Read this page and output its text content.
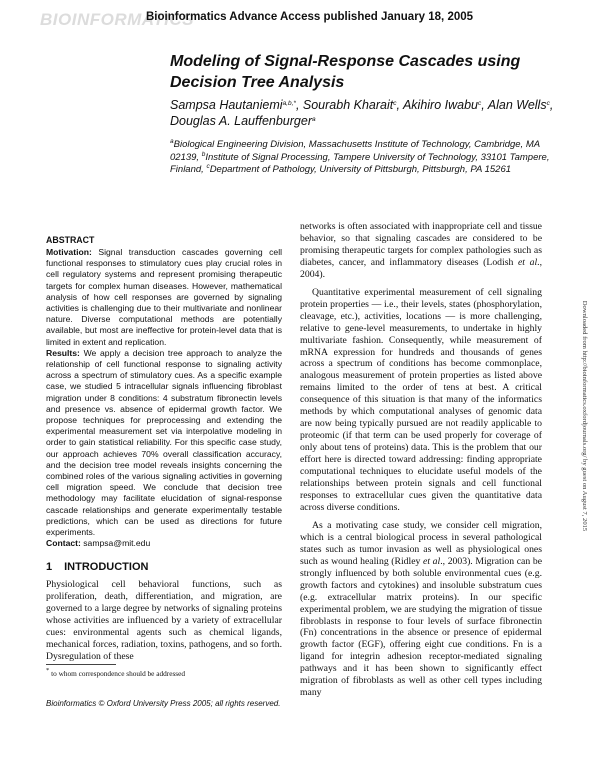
BIOINFORMATICS
Bioinformatics Advance Access published January 18, 2005
Modeling of Signal-Response Cascades using Decision Tree Analysis
Sampsa Hautaniemi$^{a,b,*}$, Sourabh Kharait$^c$, Akihiro Iwabu$^c$, Alan Wells$^c$, Douglas A. Lauffenburger$^a$
$^a$Biological Engineering Division, Massachusetts Institute of Technology, Cambridge, MA 02139, $^b$Institute of Signal Processing, Tampere University of Technology, 33101 Tampere, Finland, $^c$Department of Pathology, University of Pittsburgh, Pittsburgh, PA 15261

ABSTRACT

Motivation: Signal transduction cascades governing cell functional responses to stimulatory cues play crucial roles in cell regulatory systems and represent promising therapeutic targets for complex human diseases. However, mathematical analysis of how cell responses are governed by signaling activities is challenging due to their multivariate and nonlinear nature. Diverse computational methods are potentially available, but most are ineffective for protein-level data that is limited in extent and replication.

Results: We apply a decision tree approach to analyze the relationship of cell functional response to signaling activity across a spectrum of stimulatory cues. As a specific example case, we studied 5 intracellular signals influencing fibroblast migration under 8 conditions: 4 substratum fibronectin levels and presence vs. absence of epidermal growth factor. We propose techniques for preprocessing and extending the experimental measurement set via interpolative modeling in order to gain statistical reliability. For this specific case study, our approach achieves 70% overall classification accuracy, and the decision tree model reveals insights concerning the combined roles of the various signaling activities in governing cell migration speed. We conclude that decision tree methodology may facilitate elucidation of signal-response cascade relationships and generate experimentally testable predictions, which can be used as directions for future experiments.

Contact: sampsa@mit.edu

1 INTRODUCTION

Physiological cell behavioral functions, such as proliferation, death, differentiation, and migration, are governed to a large degree by networks of signaling proteins whose activities are influenced by a variety of extracellular cues: environmental agents such as chemical ligands, mechanical forces, radiation, toxins, pathogens, and so forth. Dysregulation of these

networks is often associated with inappropriate cell and tissue behavior, so that signaling cascades are considered to be promising therapeutic targets for complex pathologies such as diabetes, cancer, and inflammatory diseases (Lodish et al., 2004).

Quantitative experimental measurement of cell signaling protein properties — i.e., their levels, states (phosphorylation, cleavage, etc.), activities, locations — is more challenging, relative to gene-level measurements, to undertake in highly multivariate fashion. Consequently, while measurement of mRNA expression for hundreds and thousands of genes across a spectrum of conditions has become commonplace, analogous measurement of protein properties as listed above remains limited to the order of tens at best. A critical consequence of this situation is that many of the informatics methods by which computational analyses of genomic data are now being typically pursued are not readily applicable to proteomic (if that term can be used properly for coverage of only about tens of proteins) data. This is the problem that our effort here is directed toward addressing: finding appropriate computational techniques to elucidate useful models of the relationships between protein signals and cell functional responses to extracellular cues given the quantitative data across diverse conditions.

As a motivating case study, we consider cell migration, which is a central biological process in several pathological states such as tumor invasion as well as physiological ones such as wound healing (Ridley et al., 2003). Migration can be strongly influenced by both soluble environmental cues (e.g. growth factors and cytokines) and insoluble substratum cues (e.g. extracellular matrix proteins). In our specific experimental problem, we are studying the migration of tissue fibroblasts in response to four levels of surface fibronectin (Fn) concentrations in the absence or presence of epidermal growth factor (EGF), offering eight cue conditions. Fn is a ligand for integrin adhesion receptor-mediated signaling pathways and it has been shown to significantly effect migration of fibroblasts as well as other cell types including many

* to whom correspondence should be addressed
Bioinformatics © Oxford University Press 2005; all rights reserved.
Downloaded from http://bioinformatics.oxfordjournals.org/ by guest on August 7, 2015
